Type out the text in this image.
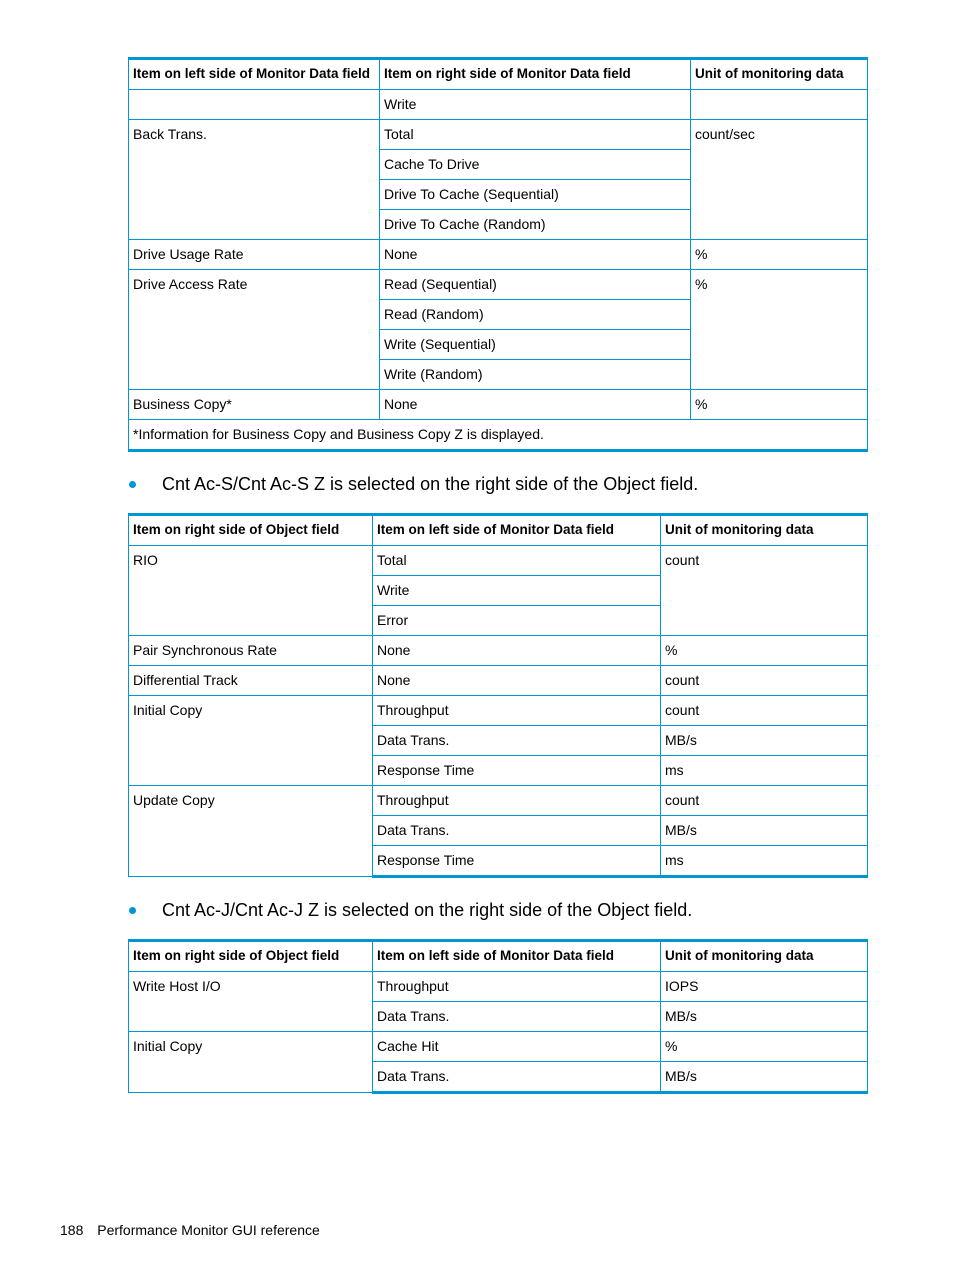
Item on left side of Monitor Data field	Item on right side of Monitor Data field	Unit of monitoring data
	Write	
Back Trans.	Total	count/sec
	Cache To Drive	
	Drive To Cache (Sequential)	
	Drive To Cache (Random)	
Drive Usage Rate	None	%
Drive Access Rate	Read (Sequential)	%
	Read (Random)	
	Write (Sequential)	
	Write (Random)	
Business Copy*	None	%
*Information for Business Copy and Business Copy Z is displayed.		
Cnt Ac-S/Cnt Ac-S Z is selected on the right side of the Object field.
Item on right side of Object field	Item on left side of Monitor Data field	Unit of monitoring data
RIO	Total	count
	Write	
	Error	
Pair Synchronous Rate	None	%
Differential Track	None	count
Initial Copy	Throughput	count
	Data Trans.	MB/s
	Response Time	ms
Update Copy	Throughput	count
	Data Trans.	MB/s
	Response Time	ms
Cnt Ac-J/Cnt Ac-J Z is selected on the right side of the Object field.
Item on right side of Object field	Item on left side of Monitor Data field	Unit of monitoring data
Write Host I/O	Throughput	IOPS
	Data Trans.	MB/s
Initial Copy	Cache Hit	%
	Data Trans.	MB/s
188 Performance Monitor GUI reference
